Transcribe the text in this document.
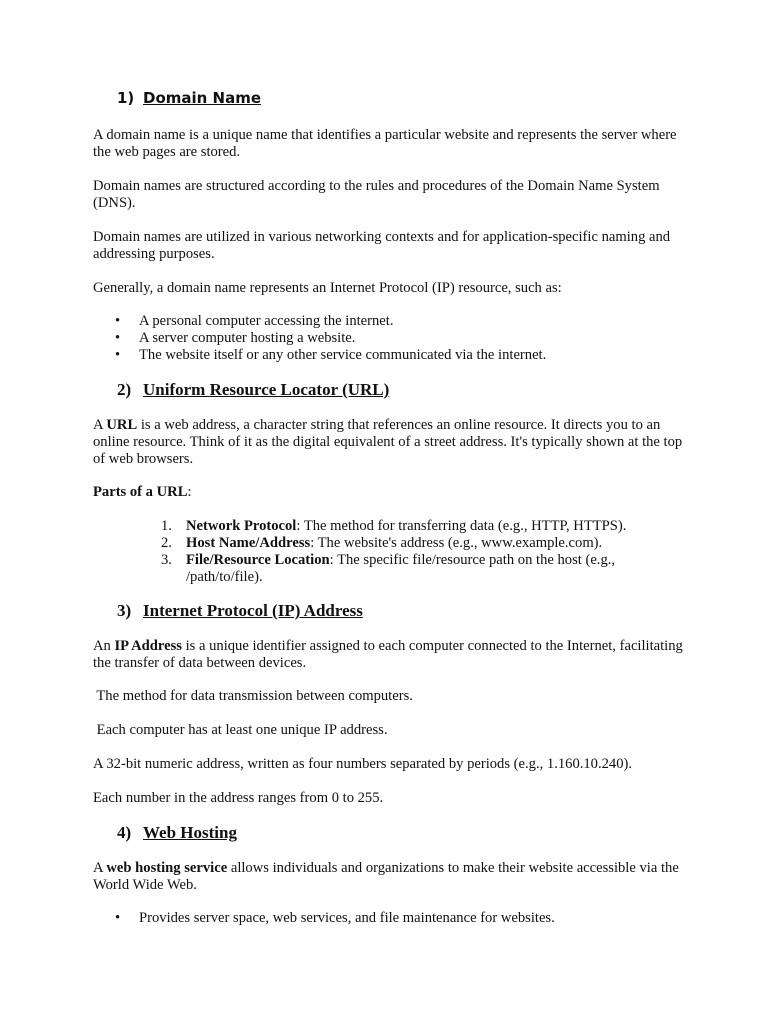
1) Domain Name

A domain name is a unique name that identifies a particular website and represents the server where the web pages are stored.

Domain names are structured according to the rules and procedures of the Domain Name System (DNS).

Domain names are utilized in various networking contexts and for application-specific naming and addressing purposes.

Generally, a domain name represents an Internet Protocol (IP) resource, such as:

• A personal computer accessing the internet.
• A server computer hosting a website.
• The website itself or any other service communicated via the internet.
2) Uniform Resource Locator (URL)

A URL is a web address, a character string that references an online resource. It directs you to an online resource. Think of it as the digital equivalent of a street address. It's typically shown at the top of web browsers.

Parts of a URL:

1. Network Protocol: The method for transferring data (e.g., HTTP, HTTPS).
2. Host Name/Address: The website's address (e.g., www.example.com).
3. File/Resource Location: The specific file/resource path on the host (e.g., /path/to/file).
3) Internet Protocol (IP) Address

An IP Address is a unique identifier assigned to each computer connected to the Internet, facilitating the transfer of data between devices.

The method for data transmission between computers.

Each computer has at least one unique IP address.

A 32-bit numeric address, written as four numbers separated by periods (e.g., 1.160.10.240).

Each number in the address ranges from 0 to 255.

4) Web Hosting

A web hosting service allows individuals and organizations to make their website accessible via the World Wide Web.

• Provides server space, web services, and file maintenance for websites.
